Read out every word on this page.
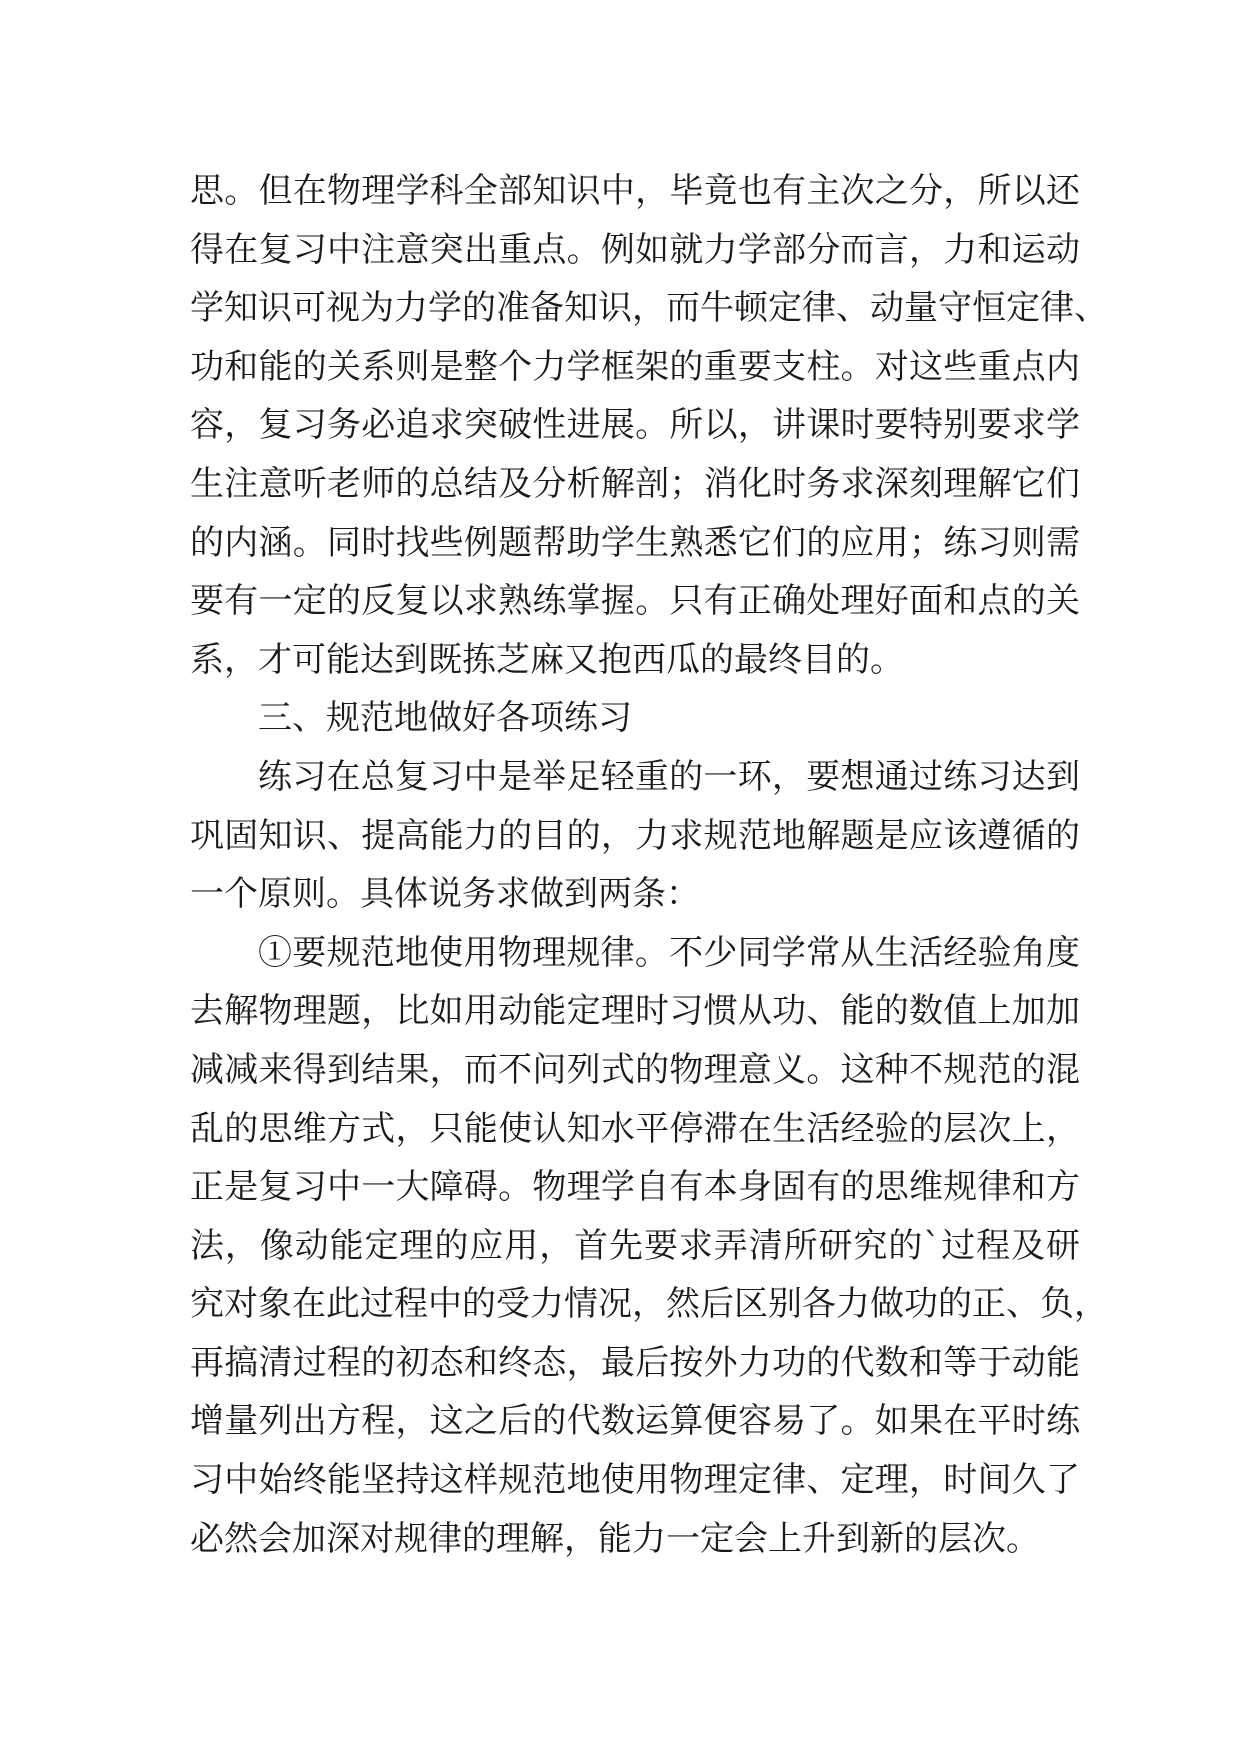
思。但在物理学科全部知识中，毕竟也有主次之分，所以还
得在复习中注意突出重点。例如就力学部分而言，力和运动
学知识可视为力学的准备知识，而牛顿定律、动量守恒定律、
功和能的关系则是整个力学框架的重要支柱。对这些重点内
容，复习务必追求突破性进展。所以，讲课时要特别要求学
生注意听老师的总结及分析解剖；消化时务求深刻理解它们
的内涵。同时找些例题帮助学生熟悉它们的应用；练习则需
要有一定的反复以求熟练掌握。只有正确处理好面和点的关
系，才可能达到既拣芝麻又抱西瓜的最终目的。
三、规范地做好各项练习
练习在总复习中是举足轻重的一环，要想通过练习达到
巩固知识、提高能力的目的，力求规范地解题是应该遵循的
一个原则。具体说务求做到两条：
①要规范地使用物理规律。不少同学常从生活经验角度
去解物理题，比如用动能定理时习惯从功、能的数值上加加
减减来得到结果，而不问列式的物理意义。这种不规范的混
乱的思维方式，只能使认知水平停滞在生活经验的层次上，
正是复习中一大障碍。物理学自有本身固有的思维规律和方
法，像动能定理的应用，首先要求弄清所研究的`过程及研
究对象在此过程中的受力情况，然后区别各力做功的正、负，
再搞清过程的初态和终态，最后按外力功的代数和等于动能
增量列出方程，这之后的代数运算便容易了。如果在平时练
习中始终能坚持这样规范地使用物理定律、定理，时间久了
必然会加深对规律的理解，能力一定会上升到新的层次。
